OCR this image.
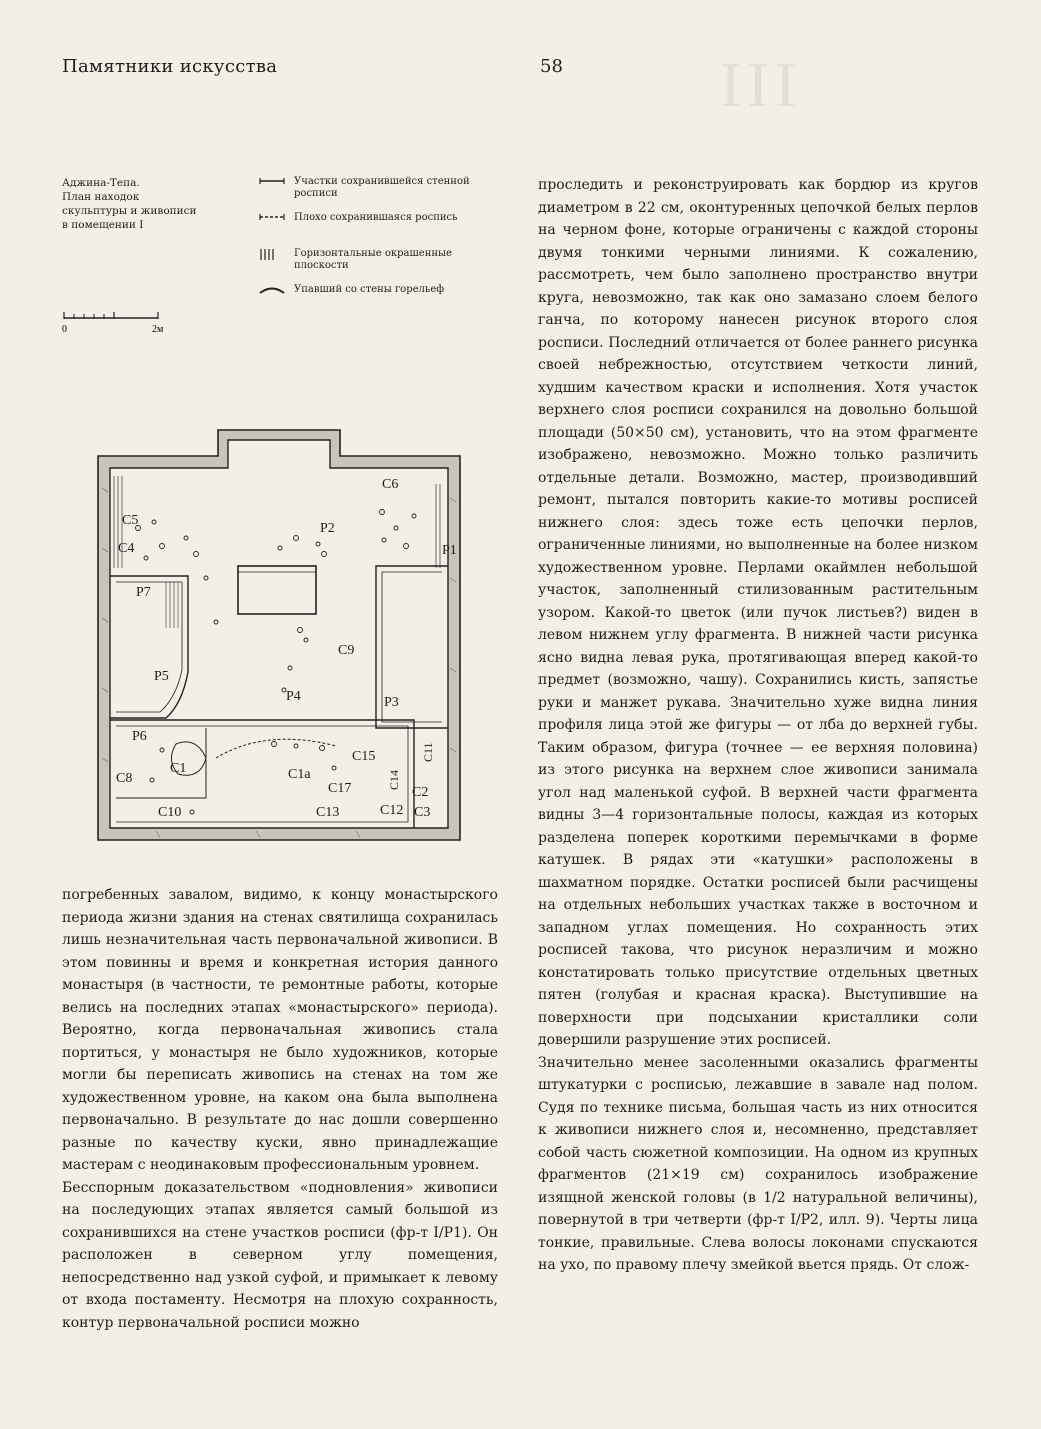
III
Памятники искусства	58

Аджина-Тепа.
План находок
скульптуры и живописи
в помещении I

Участки сохранившейся стенной росписи
Плохо сохранившаяся роспись
Горизонтальные окрашенные плоскости
Упавший со стены горельеф
0	2м
C6
C5
C4
P2
P1
P7
C9
P5
P4	P3
P6
C1
C15	C11
C8	C1a
C17	C14
C2
C10	C13	C12 C3

погребенных завалом, видимо, к концу монастырского периода жизни здания на стенах святилища сохранилась лишь незначительная часть первоначальной живописи. В этом повинны и время и конкретная история данного монастыря (в частности, те ремонтные работы, которые велись на последних этапах «монастырского» периода). Вероятно, когда первоначальная живопись стала портиться, у монастыря не было художников, которые могли бы переписать живопись на стенах на том же художественном уровне, на каком она была выполнена первоначально. В результате до нас дошли совершенно разные по качеству куски, явно принадлежащие мастерам с неодинаковым профессиональным уровнем.

Бесспорным доказательством «подновления» живописи на последующих этапах является самый большой из сохранившихся на стене участков росписи (фр-т I/P1). Он расположен в северном углу помещения, непосредственно над узкой суфой, и примыкает к левому от входа постаменту. Несмотря на плохую сохранность, контур первоначальной росписи можно

проследить и реконструировать как бордюр из кругов диаметром в 22 см, оконтуренных цепочкой белых перлов на черном фоне, которые ограничены с каждой стороны двумя тонкими черными линиями. К сожалению, рассмотреть, чем было заполнено пространство внутри круга, невозможно, так как оно замазано слоем белого ганча, по которому нанесен рисунок второго слоя росписи. Последний отличается от более раннего рисунка своей небрежностью, отсутствием четкости линий, худшим качеством краски и исполнения. Хотя участок верхнего слоя росписи сохранился на довольно большой площади (50×50 см), установить, что на этом фрагменте изображено, невозможно. Можно только различить отдельные детали. Возможно, мастер, производивший ремонт, пытался повторить какие-то мотивы росписей нижнего слоя: здесь тоже есть цепочки перлов, ограниченные линиями, но выполненные на более низком художественном уровне. Перлами окаймлен небольшой участок, заполненный стилизованным растительным узором. Какой-то цветок (или пучок листьев?) виден в левом нижнем углу фрагмента. В нижней части рисунка ясно видна левая рука, протягивающая вперед какой-то предмет (возможно, чашу). Сохранились кисть, запястье руки и манжет рукава. Значительно хуже видна линия профиля лица этой же фигуры — от лба до верхней губы. Таким образом, фигура (точнее — ее верхняя половина) из этого рисунка на верхнем слое живописи занимала угол над маленькой суфой. В верхней части фрагмента видны 3—4 горизонтальные полосы, каждая из которых разделена поперек короткими перемычками в форме катушек. В рядах эти «катушки» расположены в шахматном порядке. Остатки росписей были расчищены на отдельных небольших участках также в восточном и западном углах помещения. Но сохранность этих росписей такова, что рисунок неразличим и можно констатировать только присутствие отдельных цветных пятен (голубая и красная краска). Выступившие на поверхности при подсыхании кристаллики соли довершили разрушение этих росписей.

Значительно менее засоленными оказались фрагменты штукатурки с росписью, лежавшие в завале над полом. Судя по технике письма, большая часть из них относится к живописи нижнего слоя и, несомненно, представляет собой часть сюжетной композиции. На одном из крупных фрагментов (21×19 см) сохранилось изображение изящной женской головы (в 1/2 натуральной величины), повернутой в три четверти (фр-т I/P2, илл. 9). Черты лица тонкие, правильные. Слева волосы локонами спускаются на ухо, по правому плечу змейкой вьется прядь. От слож-
